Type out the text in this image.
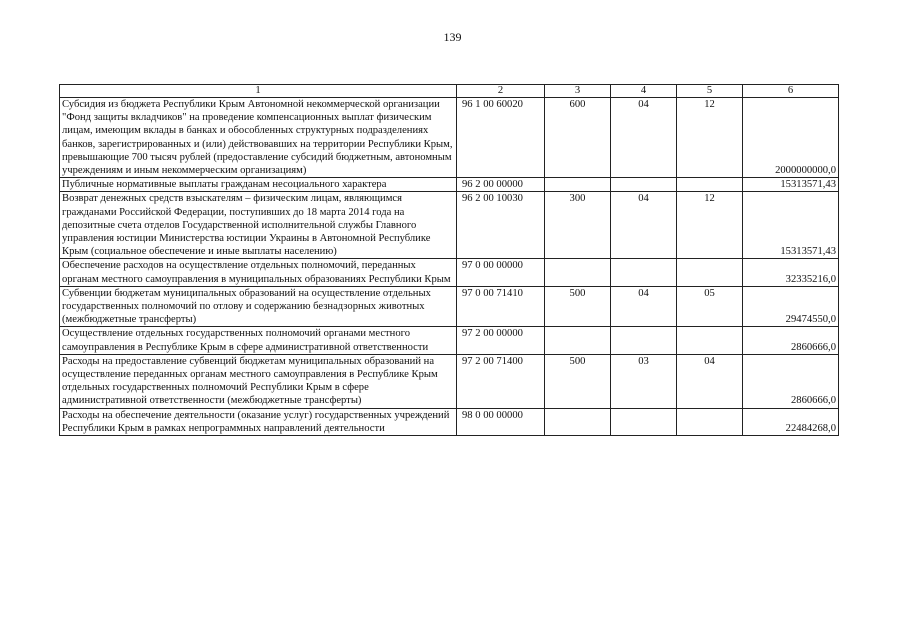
139
1	2	3	4	5	6
Субсидия из бюджета Республики Крым Автономной некоммерческой организации "Фонд защиты вкладчиков" на проведение компенсационных выплат физическим лицам, имеющим вклады в банках и обособленных структурных подразделениях банков, зарегистрированных и (или) действовавших на территории Республики Крым, превышающие 700 тысяч рублей (предоставление субсидий бюджетным, автономным учреждениям и иным некоммерческим организациям)	96 1 00 60020	600	04	12	2000000000,0
Публичные нормативные выплаты гражданам несоциального характера	96 2 00 00000				15313571,43
Возврат денежных средств взыскателям – физическим лицам, являющимся гражданами Российской Федерации, поступивших до 18 марта 2014 года на депозитные счета отделов Государственной исполнительной службы Главного управления юстиции Министерства юстиции Украины в Автономной Республике Крым (социальное обеспечение и иные выплаты населению)	96 2 00 10030	300	04	12	15313571,43
Обеспечение расходов на осуществление отдельных полномочий, переданных органам местного самоуправления в муниципальных образованиях Республики Крым	97 0 00 00000				32335216,0
Субвенции бюджетам муниципальных образований на осуществление отдельных государственных полномочий по отлову и содержанию безнадзорных животных (межбюджетные трансферты)	97 0 00 71410	500	04	05	29474550,0
Осуществление отдельных государственных полномочий органами местного самоуправления в Республике Крым в сфере административной ответственности	97 2 00 00000				2860666,0
Расходы на предоставление субвенций бюджетам муниципальных образований на осуществление переданных органам местного самоуправления в Республике Крым отдельных государственных полномочий Республики Крым в сфере административной ответственности (межбюджетные трансферты)	97 2 00 71400	500	03	04	2860666,0
Расходы на обеспечение деятельности (оказание услуг) государственных учреждений Республики Крым в рамках непрограммных направлений деятельности	98 0 00 00000				22484268,0
